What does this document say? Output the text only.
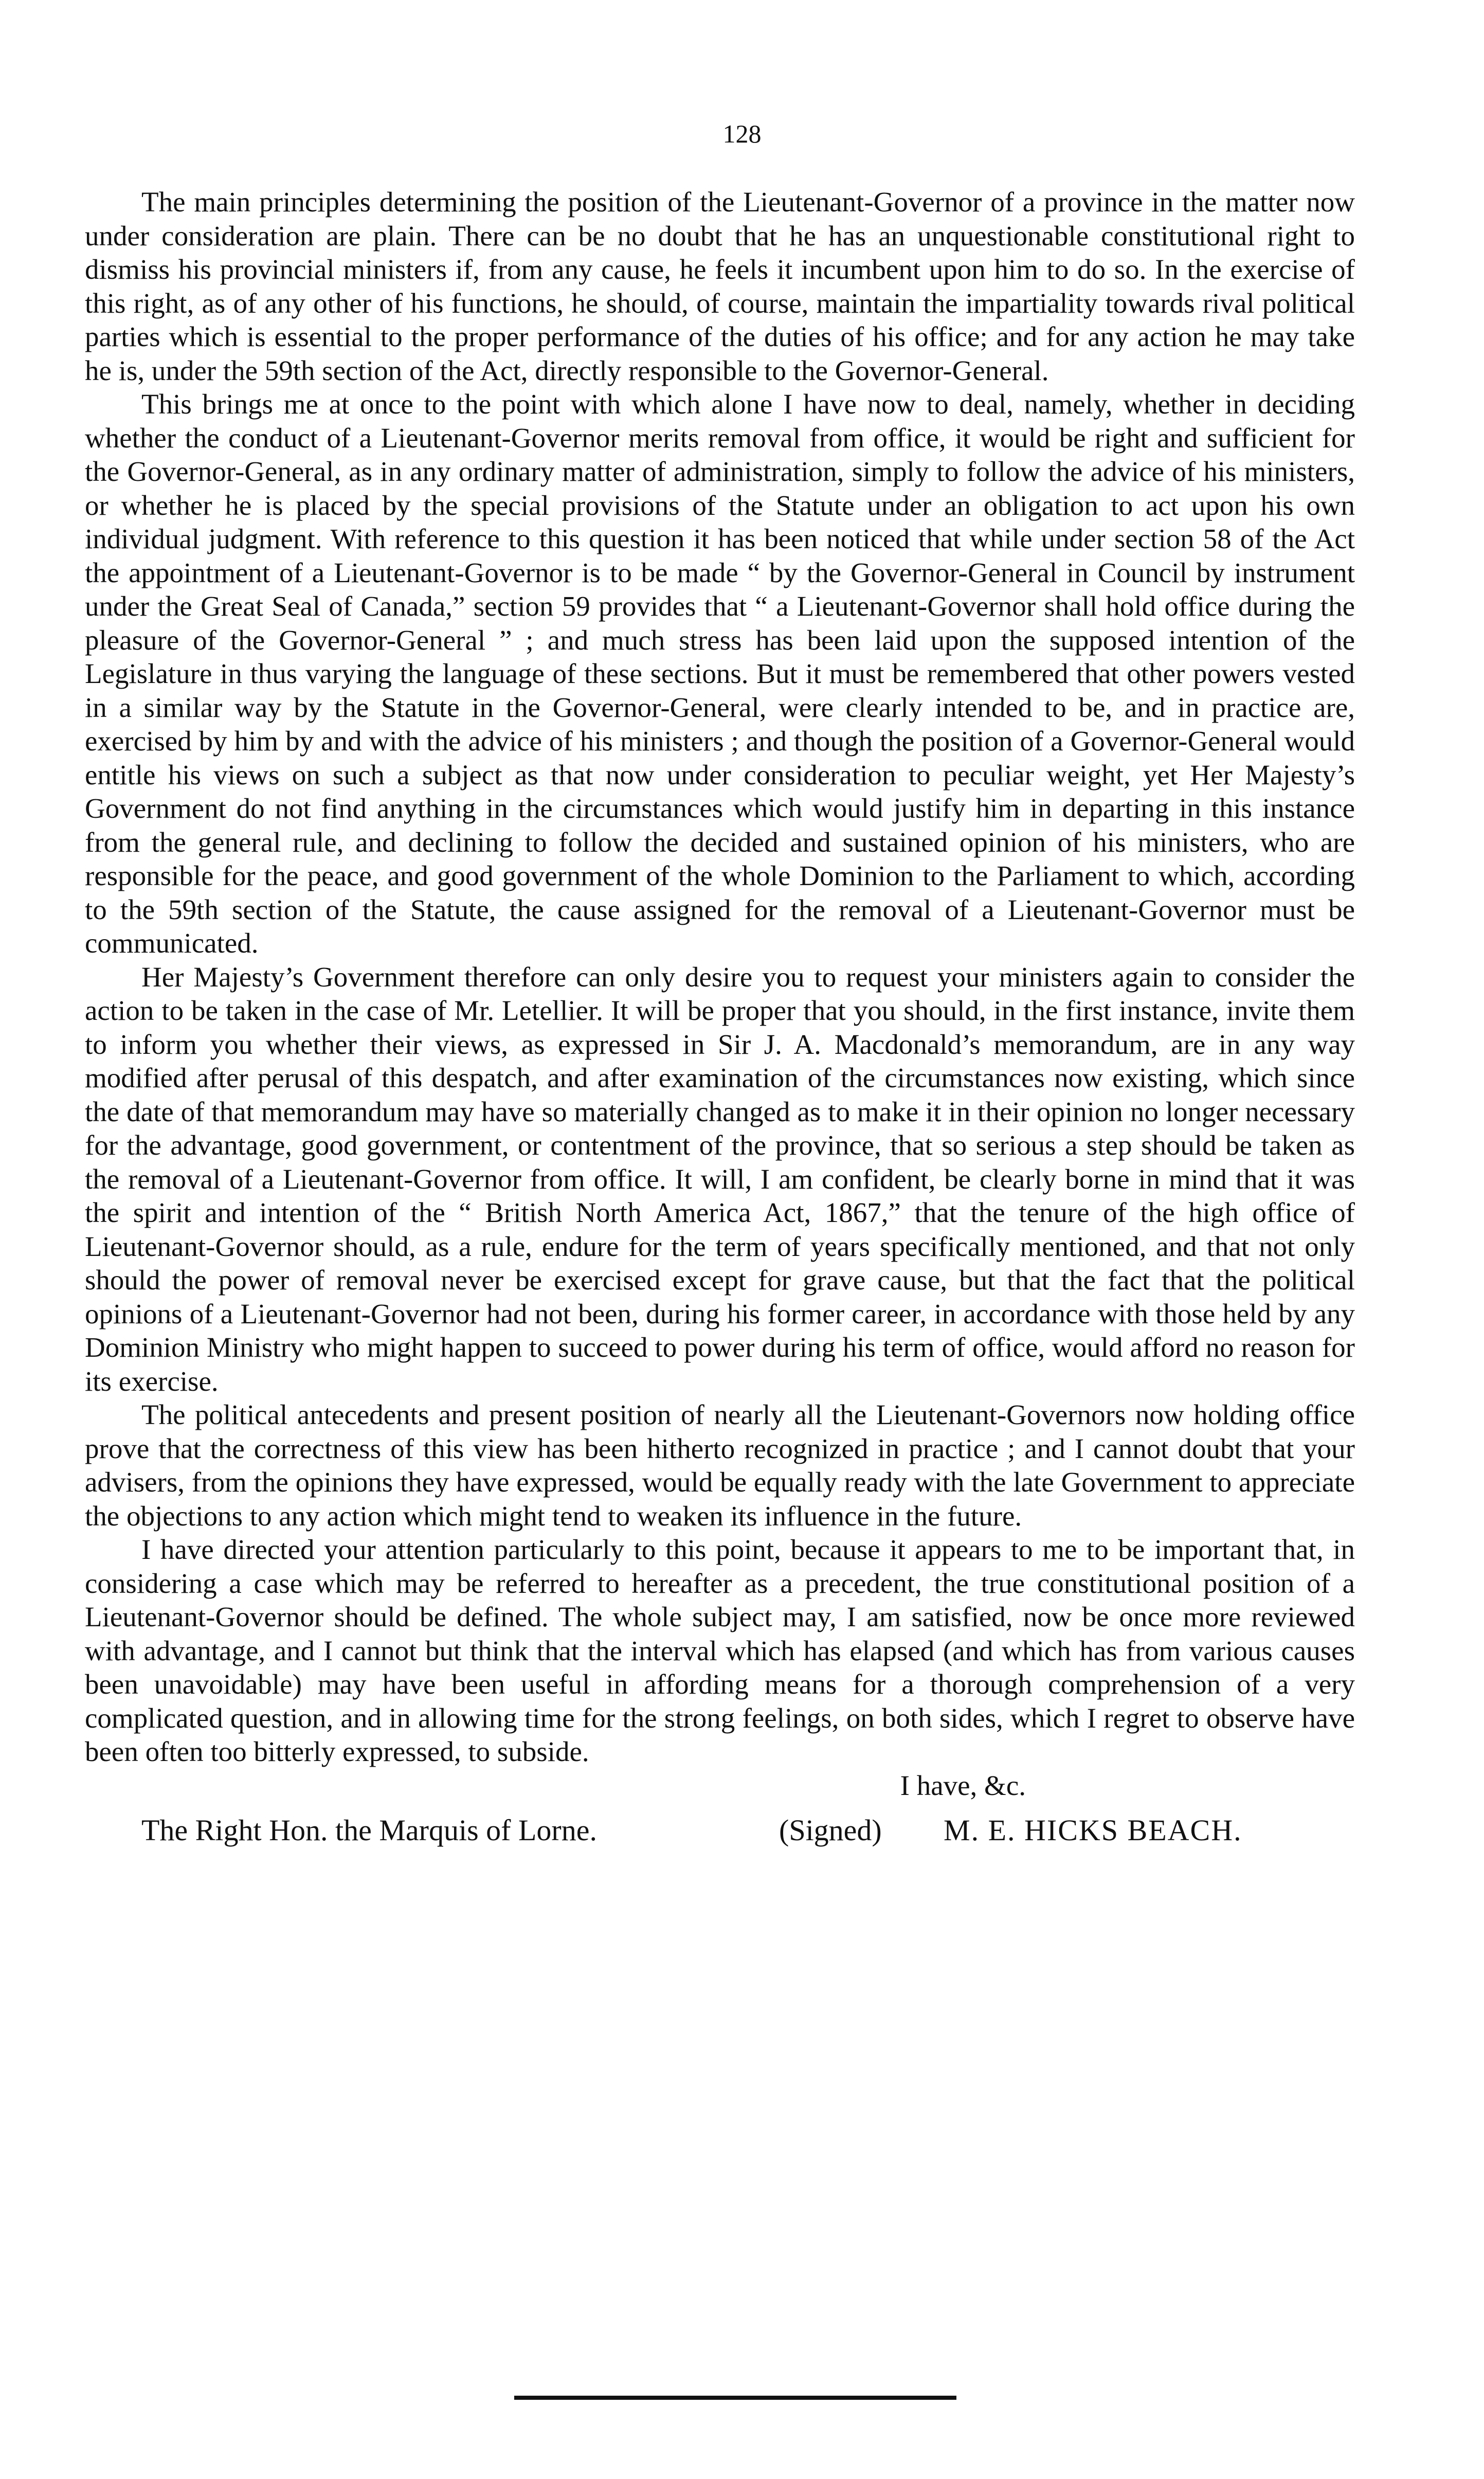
128

The main principles determining the position of the Lieutenant-Governor of a province in the matter now under consideration are plain. There can be no doubt that he has an unquestionable constitutional right to dismiss his provincial ministers if, from any cause, he feels it incumbent upon him to do so. In the exercise of this right, as of any other of his functions, he should, of course, maintain the impartiality towards rival political parties which is essential to the proper performance of the duties of his office; and for any action he may take he is, under the 59th section of the Act, directly responsible to the Governor-General.

This brings me at once to the point with which alone I have now to deal, namely, whether in deciding whether the conduct of a Lieutenant-Governor merits removal from office, it would be right and sufficient for the Governor-General, as in any ordinary matter of administration, simply to follow the advice of his ministers, or whether he is placed by the special provisions of the Statute under an obligation to act upon his own individual judgment. With reference to this question it has been noticed that while under section 58 of the Act the appointment of a Lieutenant-Governor is to be made “ by the Governor-General in Council by instrument under the Great Seal of Canada,” section 59 provides that “ a Lieutenant-Governor shall hold office during the pleasure of the Governor-General ” ; and much stress has been laid upon the supposed intention of the Legislature in thus varying the language of these sections. But it must be remembered that other powers vested in a similar way by the Statute in the Governor-General, were clearly intended to be, and in practice are, exercised by him by and with the advice of his ministers ; and though the position of a Governor-General would entitle his views on such a subject as that now under consideration to peculiar weight, yet Her Majesty’s Government do not find anything in the circumstances which would justify him in departing in this instance from the general rule, and declining to follow the decided and sustained opinion of his ministers, who are responsible for the peace, and good government of the whole Dominion to the Parliament to which, according to the 59th section of the Statute, the cause assigned for the removal of a Lieutenant-Governor must be communicated.

Her Majesty’s Government therefore can only desire you to request your ministers again to consider the action to be taken in the case of Mr. Letellier. It will be proper that you should, in the first instance, invite them to inform you whether their views, as expressed in Sir J. A. Macdonald’s memorandum, are in any way modified after perusal of this despatch, and after examination of the circumstances now existing, which since the date of that memorandum may have so materially changed as to make it in their opinion no longer necessary for the advantage, good government, or contentment of the province, that so serious a step should be taken as the removal of a Lieutenant-Governor from office. It will, I am confident, be clearly borne in mind that it was the spirit and intention of the “ British North America Act, 1867,” that the tenure of the high office of Lieutenant-Governor should, as a rule, endure for the term of years specifically mentioned, and that not only should the power of removal never be exercised except for grave cause, but that the fact that the political opinions of a Lieutenant-Governor had not been, during his former career, in accordance with those held by any Dominion Ministry who might happen to succeed to power during his term of office, would afford no reason for its exercise.

The political antecedents and present position of nearly all the Lieutenant-Governors now holding office prove that the correctness of this view has been hitherto recognized in practice ; and I cannot doubt that your advisers, from the opinions they have expressed, would be equally ready with the late Government to appreciate the objections to any action which might tend to weaken its influence in the future.

I have directed your attention particularly to this point, because it appears to me to be important that, in considering a case which may be referred to hereafter as a precedent, the true constitutional position of a Lieutenant-Governor should be defined. The whole subject may, I am satisfied, now be once more reviewed with advantage, and I cannot but think that the interval which has elapsed (and which has from various causes been unavoidable) may have been useful in affording means for a thorough comprehension of a very complicated question, and in allowing time for the strong feelings, on both sides, which I regret to observe have been often too bitterly expressed, to subside.

I have, &c.

The Right Hon. the Marquis of Lorne.	(Signed) M. E. HICKS BEACH.
